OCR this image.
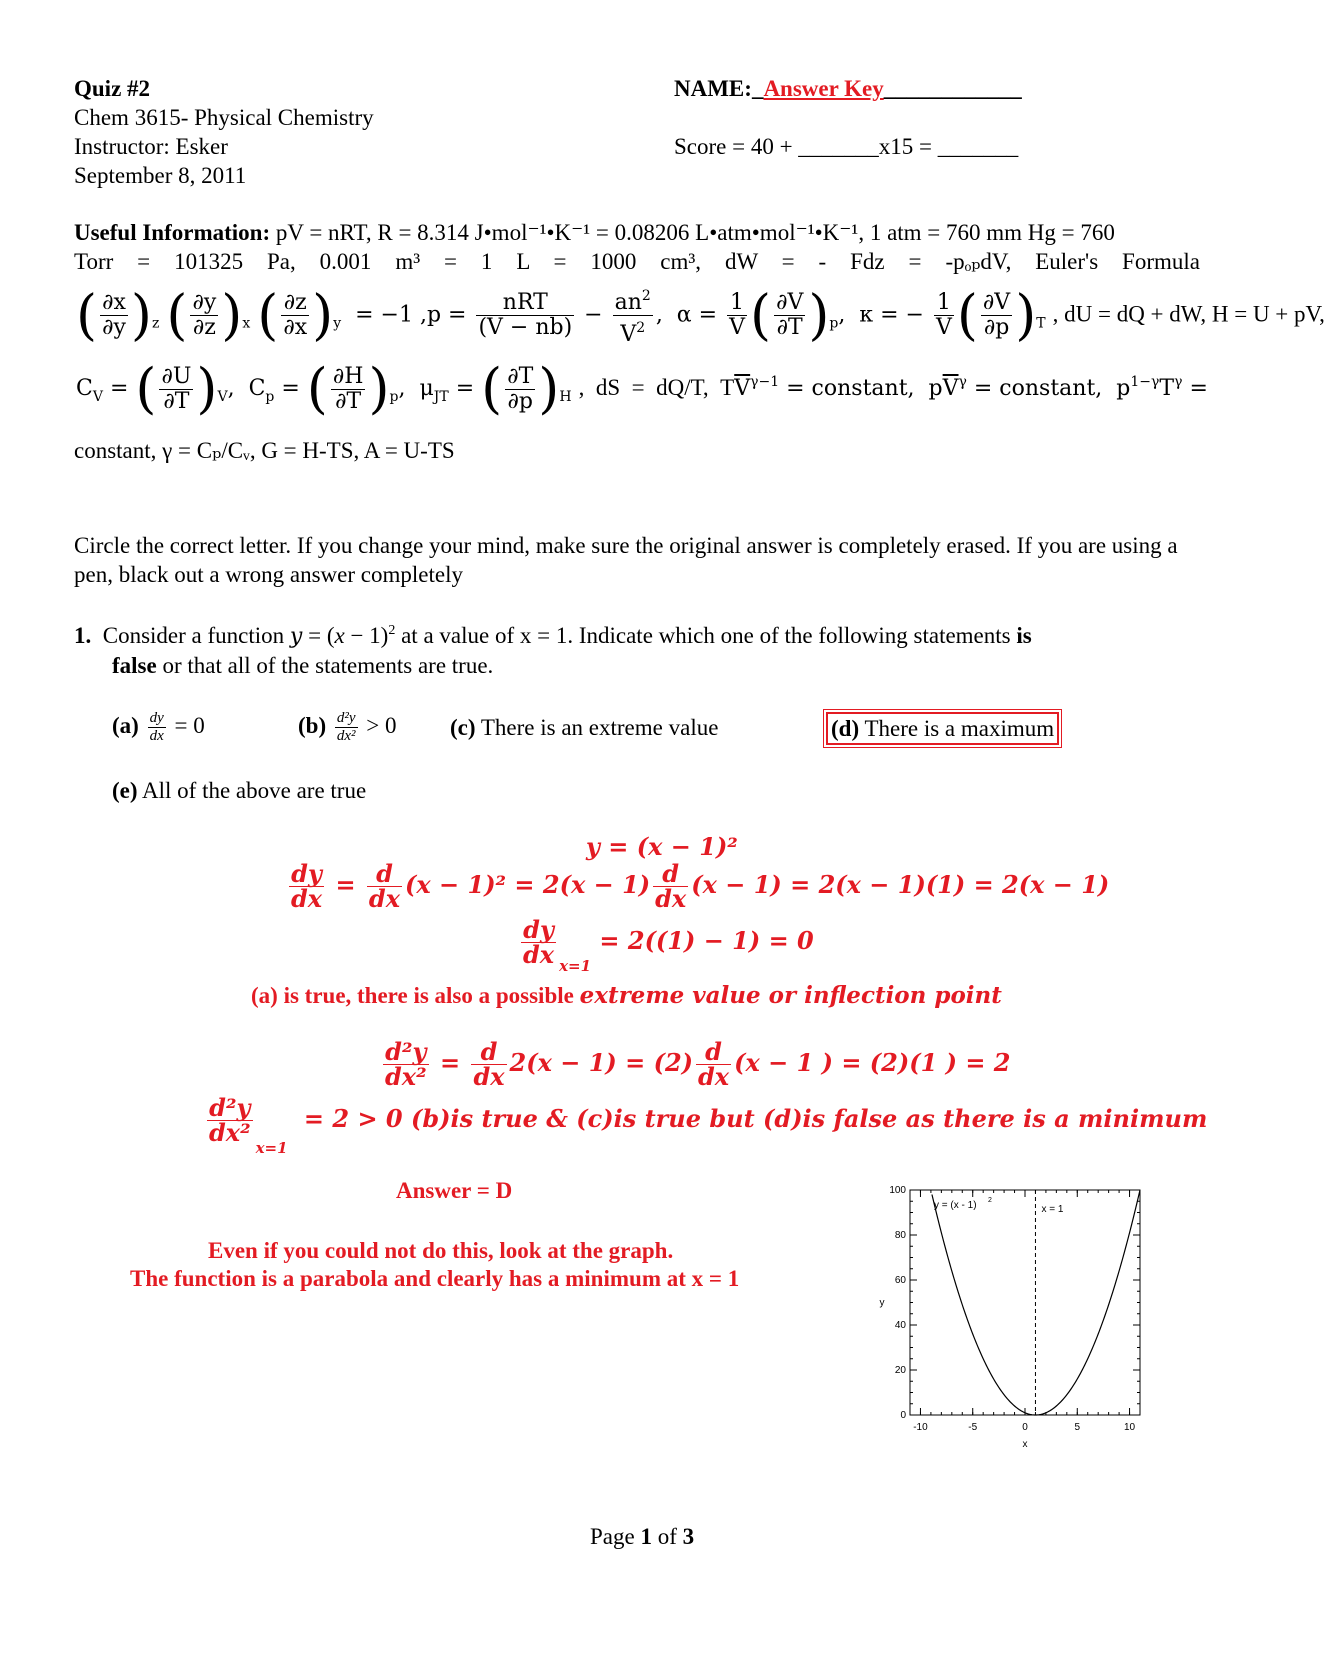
Quiz #2
Chem 3615- Physical Chemistry
Instructor: Esker
September 8, 2011
NAME:_Answer Key____________
Score = 40 + _______x15 = _______
Useful Information: pV = nRT, R = 8.314 J•mol⁻¹•K⁻¹ = 0.08206 L•atm•mol⁻¹•K⁻¹, 1 atm = 760 mm Hg = 760
Torr = 101325 Pa, 0.001 m³ = 1 L = 1000 cm³, dW = - Fdz = -pₒₚdV, Euler's Formula
( $\frac{\partial x}{\partial y} )_z$ ( $\frac{\partial y}{\partial z} )_x$ ( $\frac{\partial z}{\partial x} )_y = -1$ $,p = \frac{\text{nRT}}{(V - nb)} - \frac{an^2}{V^2}$ ,  $\alpha = \frac{1}{V}$ ( $\frac{\partial V}{\partial T} )_p$,  κ = − $\frac{1}{V}$ ( $\frac{\partial V}{\partial p} )_T$ , dU = dQ + dW, H = U + pV,
$C_V$ = ( $\frac{\partial U}{\partial T} )_V$,  $C_p$ = ( $\frac{\partial H}{\partial T} )_p$,  $\mu_{JT}$ = ( $\frac{\partial T}{\partial p} )_H$ ,  dS  =  dQ/T,  $T\overline{V}^{\gamma-1}$ = constant,  $p\overline{V}^\gamma$ = constant,  $p^{1-\gamma}T^\gamma$ =
constant, γ = Cₚ/Cᵥ, G = H-TS, A = U-TS
Circle the correct letter. If you change your mind, make sure the original answer is completely erased. If you are using a pen, black out a wrong answer completely
1. Consider a function $y = (x - 1)^2$ at a value of x = 1. Indicate which one of the following statements is
false or that all of the statements are true.
$(a) \frac{dy}{dx} = 0$	$(b) \frac{\text{d²y}}{\text{dx²}} > 0$ (c) There is an extreme value	(d) There is a maximum
(e) All of the above are true
y = (x − 1)²
$\frac{dy}{dx} = \frac{d}{dx} (x - 1)^2 = 2(x - 1) \frac{d}{dx} (x - 1) = 2(x - 1)(1) = 2(x - 1)$
$\frac{dy}{dx} _{x=1} = 2((1) - 1) = 0$
(a) is true, there is also a possible extreme value or inflection point
$\frac{\text{d²y}}{\text{dx²}} = \frac{d}{dx} 2(x - 1) = (2) \frac{d}{dx} (x - 1$ ) = (2)(1 ) = 2
$\frac{\text{d²y}}{\text{dx²}}$
$_{x=1}$ = 2 > 0 (b)is true & (c)is true but (d)is false as there is a minimum
Answer = D
Even if you could not do this, look at the graph.
The function is a parabola and clearly has a minimum at x = 1
-10	-5	0	5	10
0
20
40
60
80
100
x
y
y = (x - 1) 2
x = 1
Page 1 of 3
